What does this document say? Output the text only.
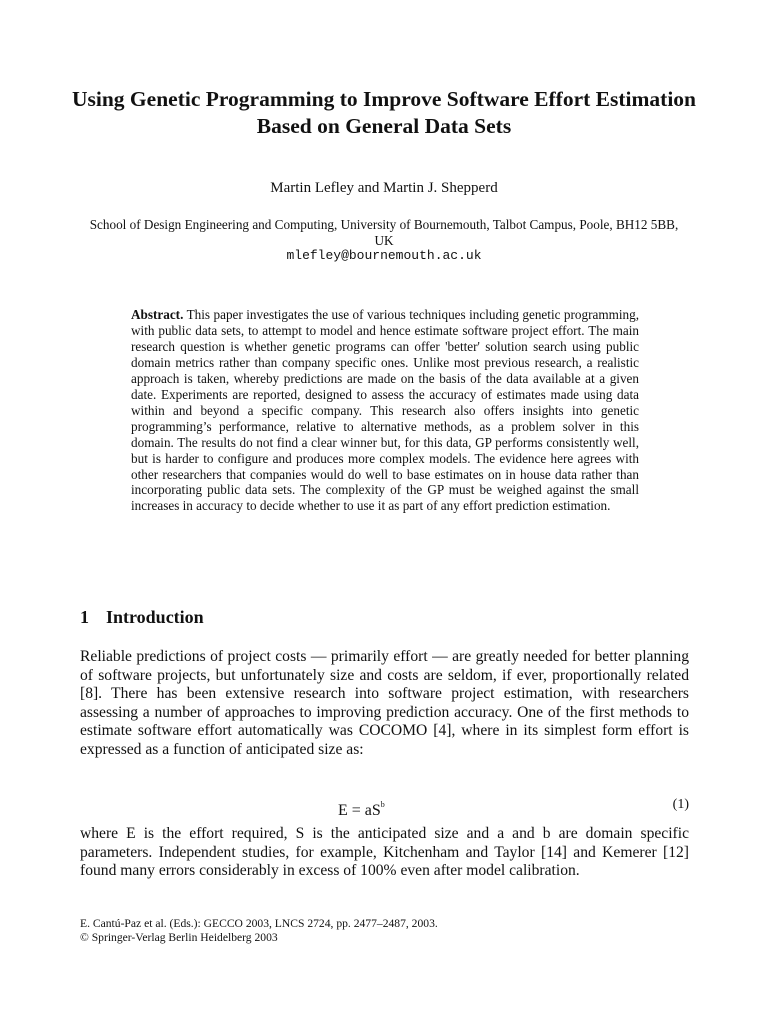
Using Genetic Programming to Improve Software Effort Estimation Based on General Data Sets
Martin Lefley and Martin J. Shepperd
School of Design Engineering and Computing, University of Bournemouth, Talbot Campus, Poole, BH12 5BB, UK
mlefley@bournemouth.ac.uk
Abstract. This paper investigates the use of various techniques including genetic programming, with public data sets, to attempt to model and hence estimate software project effort. The main research question is whether genetic programs can offer 'better' solution search using public domain metrics rather than company specific ones. Unlike most previous research, a realistic approach is taken, whereby predictions are made on the basis of the data available at a given date. Experiments are reported, designed to assess the accuracy of estimates made using data within and beyond a specific company. This research also offers insights into genetic programming’s performance, relative to alternative methods, as a problem solver in this domain. The results do not find a clear winner but, for this data, GP performs consistently well, but is harder to configure and produces more complex models. The evidence here agrees with other researchers that companies would do well to base estimates on in house data rather than incorporating public data sets. The complexity of the GP must be weighed against the small increases in accuracy to decide whether to use it as part of any effort prediction estimation.
1 Introduction
Reliable predictions of project costs — primarily effort — are greatly needed for better planning of software projects, but unfortunately size and costs are seldom, if ever, proportionally related [8]. There has been extensive research into software project estimation, with researchers assessing a number of approaches to improving prediction accuracy. One of the first methods to estimate software effort automatically was COCOMO [4], where in its simplest form effort is expressed as a function of anticipated size as:
$E = aS^b$	(1)
where E is the effort required, S is the anticipated size and a and b are domain specific parameters. Independent studies, for example, Kitchenham and Taylor [14] and Kemerer [12] found many errors considerably in excess of 100% even after model calibration.
E. Cantú-Paz et al. (Eds.): GECCO 2003, LNCS 2724, pp. 2477–2487, 2003.
© Springer-Verlag Berlin Heidelberg 2003
